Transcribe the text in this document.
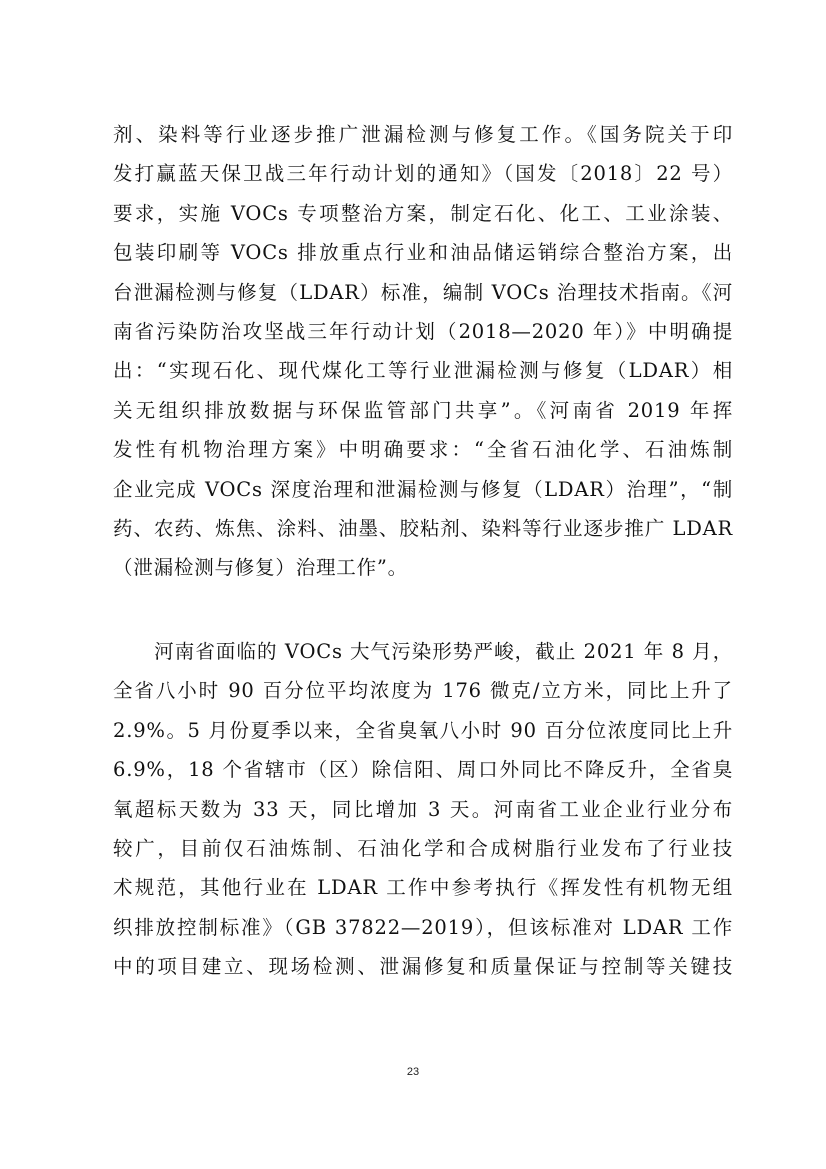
剂、染料等行业逐步推广泄漏检测与修复工作。《国务院关于印
发打赢蓝天保卫战三年行动计划的通知》（国发〔2018〕22 号）
要求，实施 VOCs 专项整治方案，制定石化、化工、工业涂装、
包装印刷等 VOCs 排放重点行业和油品储运销综合整治方案，出
台泄漏检测与修复（LDAR）标准，编制 VOCs 治理技术指南。《河
南省污染防治攻坚战三年行动计划（2018—2020 年）》中明确提
出：“实现石化、现代煤化工等行业泄漏检测与修复（LDAR）相
关无组织排放数据与环保监管部门共享”。《河南省 2019 年挥
发性有机物治理方案》中明确要求：“全省石油化学、石油炼制
企业完成 VOCs 深度治理和泄漏检测与修复（LDAR）治理”，“制
药、农药、炼焦、涂料、油墨、胶粘剂、染料等行业逐步推广 LDAR
（泄漏检测与修复）治理工作”。
　　河南省面临的 VOCs 大气污染形势严峻，截止 2021 年 8 月，
全省八小时 90 百分位平均浓度为 176 微克/立方米，同比上升了
2.9%。5 月份夏季以来，全省臭氧八小时 90 百分位浓度同比上升
6.9%，18 个省辖市（区）除信阳、周口外同比不降反升，全省臭
氧超标天数为 33 天，同比增加 3 天。河南省工业企业行业分布
较广，目前仅石油炼制、石油化学和合成树脂行业发布了行业技
术规范，其他行业在 LDAR 工作中参考执行《挥发性有机物无组
织排放控制标准》（GB 37822—2019），但该标准对 LDAR 工作
中的项目建立、现场检测、泄漏修复和质量保证与控制等关键技
23
